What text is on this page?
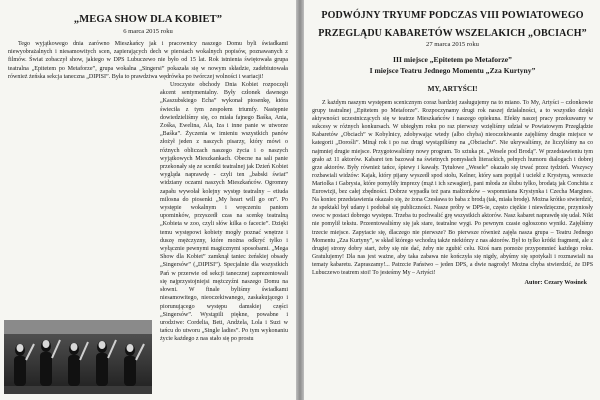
„MEGA SHOW DLA KOBIET”
6 marca 2015 roku

Tego wyjątkowego dnia zarówno Mieszkańcy jak i pracownicy naszego Domu byli świadkami niewyobrażalnych i niesamowitych scen, zapierających dech w piersiach wokalnych popisów, poznawanych z filmów. Świat zobaczył show, jakiego w DPS Lubuczewo nie było od 15 lat. Rok istnienia świętowała grupa teatralna „Epitetem po Metaforze”, grupa wokalna „Singersi” pokazała się w nowym składzie, zadebiutowała również żeńska sekcja taneczna „DIPISI”. Była to prawdziwa wędrówka po twórczej wolności i wariacji!

Uroczyste obchody Dnia Kobiet rozpoczęli akcent sentymentalny. Były członek dawnego „Kaszubskiego Echa” wykonał piosenkę, która świeciła z tym zespołem triumfy. Następnie dowiedzieliśmy się, co miała fajnego Baśka, Ania, Zośka, Ewelina, Ala, Iza i inne panie w utworze „Baśka”. Życzenia w imieniu wszystkich panów złożył jeden z naszych pisarzy, który mówi o różnych obliczach naszego życia i o naszych wyjątkowych Mieszkankach. Obecne na sali panie przekonały się ze sceniki teatralnej jak Dzień Kobiet wygląda naprawdę - czyli ten „babski świat” widziany oczami naszych Mieszkańców. Ogromny zapału wywołał kolejny występ teatralny – etiuda milosna do piosenki „My heart will go on”. Po występie wokalnym i wręczeniu paniom upominków, przyszedł czas na scenkę teatralną „Kobieta w zoo, czyli słów kilka o facecie”. Dzięki temu występowi kobiety mogły poznać wnętrze i duszę mężczyzny, które można odkryć tylko i wyłącznie pewnymi magicznymi sposobami. „Mega Show dla Kobiet” zamknął taniec żeńskiej obsady „Singersów” („DIPISI”). Specjalnie dla wszystkich Pań w przerwie od sekcji tanecznej zaprezentowali się najprzystojniejsi mężczyźni naszego Domu na słowni. W finale byliśmy świadkami niesamowitego, nieoczekiwanego, zaskakującego i piorunującego występu damskiej części „Singersów”. Wystąpili piękne, powabne i urodziwe: Cordelia, Beti, Andżela, Lola i Suzi w tańcu do utworu „Single ladies”. Po tym wykonaniu życie każdego z nas stało się po prostu

PODWÓJNY TRYUMF PODCZAS VIII POWIATOWEGO
PRZEGLĄDU KABARETÓW WSZELAKICH „OBCIACH”
27 marca 2015 roku
III miejsce „Epitetem po Metaforze”
I miejsce Teatru Jednego Momentu „Zza Kurtyny”
MY, ARTYŚCI!

Z każdym naszym występem scenicznym coraz bardziej zasługujemy na to miano. To My, Artyści – członkowie grupy teatralnej „Epitetem po Metaforze”. Rozpoczynamy drugi rok naszej działalności, a to wszystko dzięki aktywności uczestniczących się w teatrze Mieszkańców i naszego opiekuna. Efekty naszej pracy przekuwamy w sukcesy w różnych konkursach. W ubiegłym roku po raz pierwszy wzięliśmy udział w Powiatowym Przeglądzie Kabaretów „Obciach” w Kobylnicy, zdobywając wtedy (albo chyba) nieoczekiwanie zajęliśmy drugie miejsce w kategorii „Dorośli”. Minął rok i po raz drugi wystąpiliśmy na „Obciachu”. Nie ukrywaliśmy, że liczyliśmy na co najmniej drugie miejsce. Przygotowaliśmy nowy program. To sztuka pt. „Wesele pod Brodą”. W przedstawieniu tym grało aż 11 aktorów. Kabaret ten bazował na świetnych pomysłach literackich, pełnych humoru dialogach i dobrej grze aktorów. Były również tańce, śpiewy i kawały. Tytułowe „Wesele” okazało się trwać przez tydzień. Wszyscy rozbawiali widzów: Kajak, który pijany wyszedł spod stołu, Kelner, który sam popijał i uciekł z Krystyną, wreszcie Mariolka i Gabrysia, które pomyliły imprezy (mąż i ich szwagier), pani młoda ze ślubu tylko, brodatą jak Conchita z Eurowizji, bez całej zbędności. Dobrze wypadła też para małżonków – wspomniana Krystynka i Czecha Margines. Na koniec przedstawienia okazało się, że żona Czesława to baba z brodą (tak, miała brodę). Można krótko stwierdzić, że spektakl był udany i podobał się publiczności. Nasze próby w DPS-ie, często ciężkie i niewdzięczne, przyniosły owoc w postaci dobrego występu. Trzeba tu pochwalić grę wszystkich aktorów. Nasz kabaret naprawdę się udał. Nikt nie pomylił tekstu. Przeentowaliśmy się jak stare, teatralne wygi. Po pewnym czasie ogłoszono wyniki. Zajęliśmy trzecie miejsce. Zapytacie się, dlaczego nie pierwsze? Bo pierwsze również zajęła nasza grupa – Teatru Jednego Momentu „Zza Kurtyny”, w skład którego wchodzą także niektórzy z nas aktorów. Był to tylko krótki fragment, ale z drugiej strony dobry start, żeby się nie dać, żeby nie zgubić celu. Ktoś nam pomoże przypomnieć każdego roku. Gratulujemy! Dla nas jest ważne, aby taka zabawa nie kończyła się nigdy, abyśmy się spotykali i rozmawiali na tematy kabaretu. Zapraszamy!... Patrzcie Państwo – jeden DPS, a dwie nagrody! Można chyba stwierdzić, że DPS Lubuczewo teatrem stoi! To jesteśmy My – Artyści!

Autor: Cezary Wosinek
